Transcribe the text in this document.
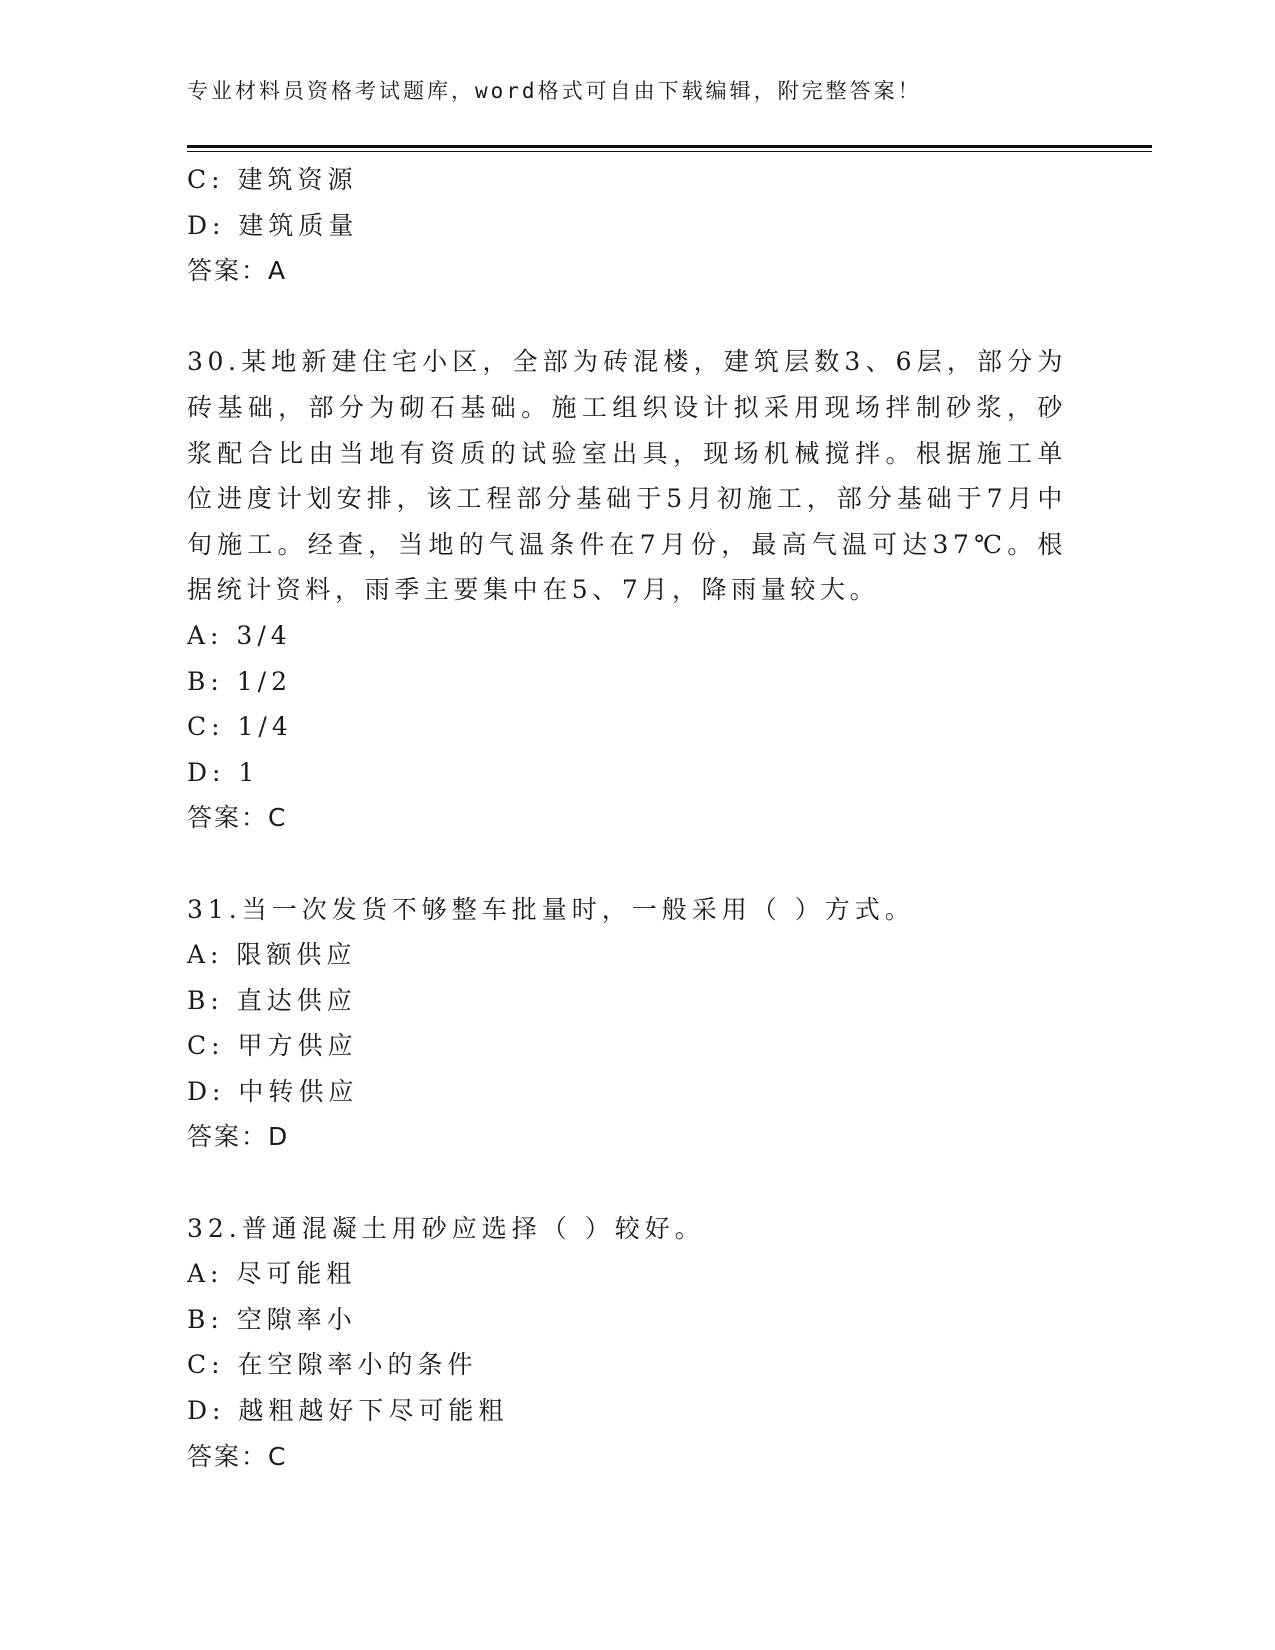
专业材料员资格考试题库，word格式可自由下载编辑，附完整答案！

C: 建筑资源

D: 建筑质量

答案：A

30.某地新建住宅小区，全部为砖混楼，建筑层数3、6层，部分为砖基础，部分为砌石基础。施工组织设计拟采用现场拌制砂浆，砂浆配合比由当地有资质的试验室出具，现场机械搅拌。根据施工单位进度计划安排，该工程部分基础于5月初施工，部分基础于7月中旬施工。经查，当地的气温条件在7月份，最高气温可达37℃。根据统计资料，雨季主要集中在5、7月，降雨量较大。

A: 3/4

B: 1/2

C: 1/4

D: 1

答案：C

31.当一次发货不够整车批量时，一般采用（ ）方式。

A: 限额供应

B: 直达供应

C: 甲方供应

D: 中转供应

答案：D

32.普通混凝土用砂应选择（ ）较好。

A: 尽可能粗

B: 空隙率小

C: 在空隙率小的条件

D: 越粗越好下尽可能粗

答案：C
